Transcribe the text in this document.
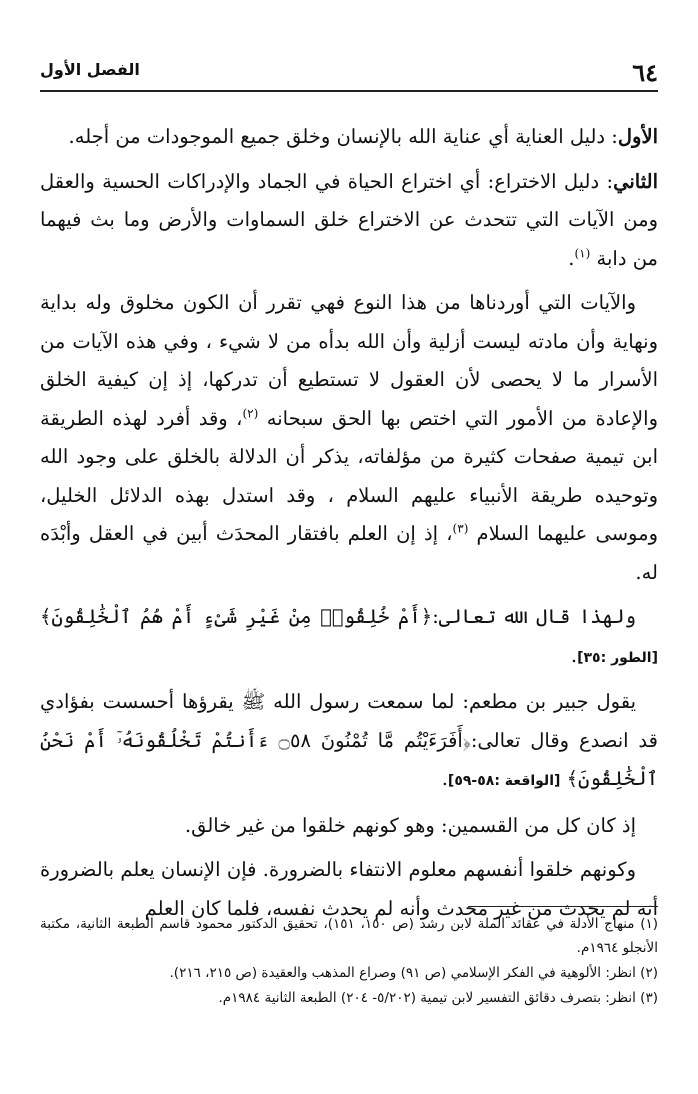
٦٤
الفصل الأول

الأول: دليل العناية أي عناية الله بالإنسان وخلق جميع الموجودات من أجله.

الثاني: دليل الاختراع: أي اختراع الحياة في الجماد والإدراكات الحسية والعقل ومن الآيات التي تتحدث عن الاختراع خلق السماوات والأرض وما بث فيهما من دابة $^{(١)}$.

والآيات التي أوردناها من هذا النوع فهي تقرر أن الكون مخلوق وله بداية ونهاية وأن مادته ليست أزلية وأن الله بدأه من لا شيء ، وفي هذه الآيات من الأسرار ما لا يحصى لأن العقول لا تستطيع أن تدركها، إذ إن كيفية الخلق والإعادة من الأمور التي اختص بها الحق سبحانه $^{(٢)}$، وقد أفرد لهذه الطريقة ابن تيمية صفحات كثيرة من مؤلفاته، يذكر أن الدلالة بالخلق على وجود الله وتوحيده طريقة الأنبياء عليهم السلام ، وقد استدل بهذه الدلائل الخليل، وموسى عليهما السلام $^{(٣)}$، إذ إن العلم بافتقار المحدَث أبين في العقل وأبْدَه له.

ولهذا قال الله تعالى:﴿أَمْ خُلِقُوا۟ مِنْ غَيْرِ شَىْءٍ أَمْ هُمُ ٱلْخَٰلِقُونَ﴾ [الطور :٣٥].

يقول جبير بن مطعم: لما سمعت رسول الله ﷺ يقرؤها أحسست بفؤادي قد انصدع وقال تعالى:﴿أَفَرَءَيْتُم مَّا تُمْنُونَ ۝٥٨ ءَأَنتُمْ تَخْلُقُونَهُۥٓ أَمْ نَحْنُ ٱلْخَٰلِقُونَ﴾ [الواقعة :٥٨-٥٩].

إذ كان كل من القسمين: وهو كونهم خلقوا من غير خالق.

وكونهم خلقوا أنفسهم معلوم الانتفاء بالضرورة. فإن الإنسان يعلم بالضرورة أنه لم يحدث من غير محدث وأنه لم يحدث نفسه، فلما كان العلم

(١) منهاج الأدلة في عقائد الملة لابن رشد (ص ١٥٠، ١٥١)، تحقيق الدكتور محمود قاسم الطبعة الثانية، مكتبة الأنجلو ١٩٦٤م.
(٢) انظر: الألوهية في الفكر الإسلامي (ص ٩١) وصراع المذهب والعقيدة (ص ٢١٥، ٢١٦).
(٣) انظر: بتصرف دقائق التفسير لابن تيمية (٥/٢٠٢- ٢٠٤) الطبعة الثانية ١٩٨٤م.
